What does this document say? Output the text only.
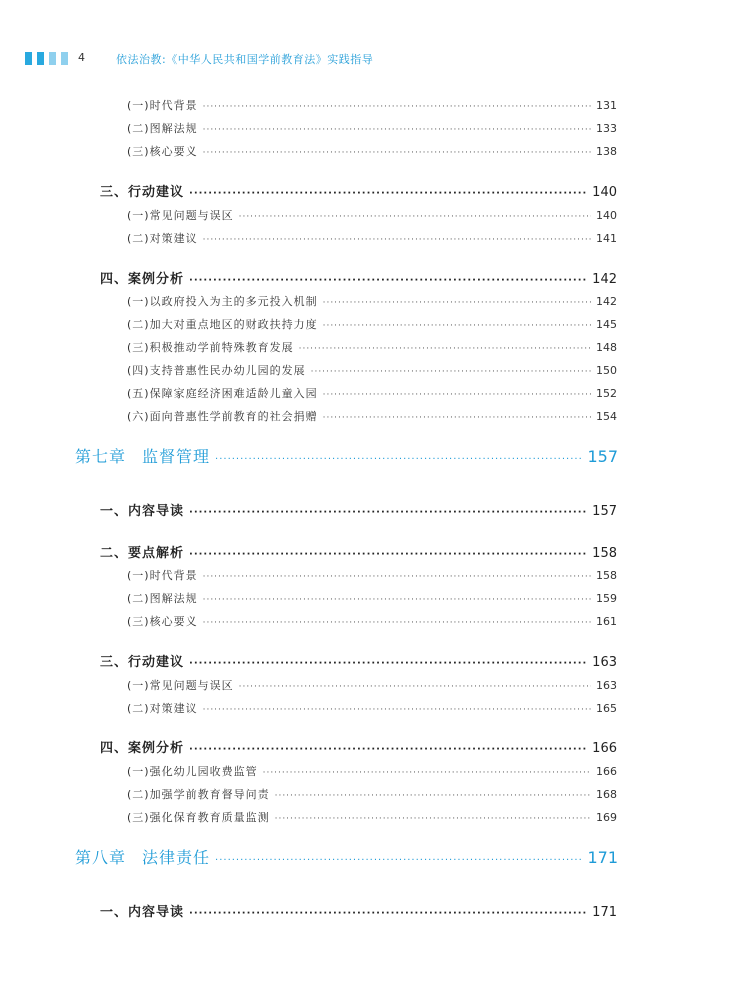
4	依法治教:《中华人民共和国学前教育法》实践指导
(一)时代背景 ·····	131
(二)图解法规 ·····	133
(三)核心要义 ·····	138
三、行动建议 ·····	140
(一)常见问题与误区 ·····	140
(二)对策建议 ·····	141
四、案例分析 ·····	142
(一)以政府投入为主的多元投入机制 ·····	142
(二)加大对重点地区的财政扶持力度 ·····	145
(三)积极推动学前特殊教育发展 ·····	148
(四)支持普惠性民办幼儿园的发展 ·····	150
(五)保障家庭经济困难适龄儿童入园 ·····	152
(六)面向普惠性学前教育的社会捐赠 ·····	154
第七章 监督管理 ·····	157
一、内容导读 ·····	157
二、要点解析 ·····	158
(一)时代背景 ·····	158
(二)图解法规 ·····	159
(三)核心要义 ·····	161
三、行动建议 ·····	163
(一)常见问题与误区 ·····	163
(二)对策建议 ·····	165
四、案例分析 ·····	166
(一)强化幼儿园收费监管 ·····	166
(二)加强学前教育督导问责 ·····	168
(三)强化保育教育质量监测 ·····	169
第八章 法律责任 ·····	171
一、内容导读 ·····	171
